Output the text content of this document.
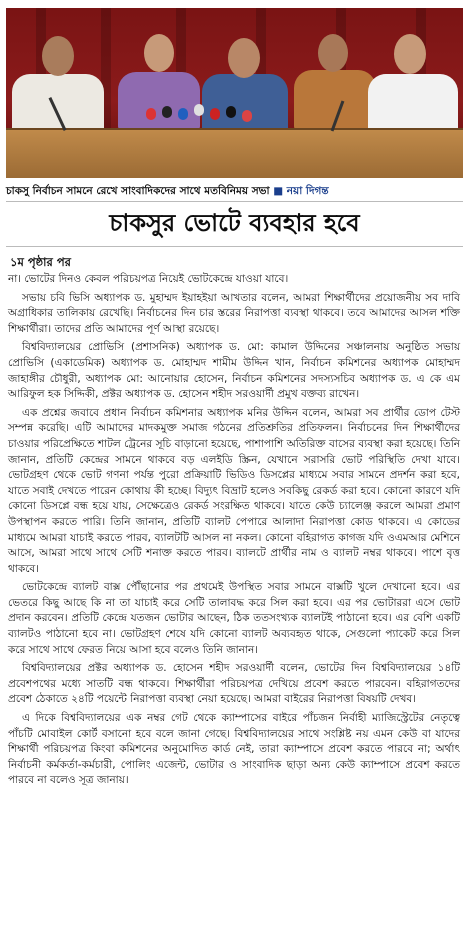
চাকসু নির্বাচন সামনে রেখে সাংবাদিকদের সাথে মতবিনিময় সভা ■ নয়া দিগন্ত
চাকসুর ভোটে ব্যবহার হবে
১ম পৃষ্ঠার পর

না। ভোটের দিনও কেবল পরিচয়পত্র নিয়েই ভোটকেন্দ্রে যাওয়া যাবে।

সভায় চবি ভিসি অধ্যাপক ড. মুহাম্মদ ইয়াহইয়া আখতার বলেন, আমরা শিক্ষার্থীদের প্রয়োজনীয় সব দাবি অগ্রাধিকার তালিকায় রেখেছি। নির্বাচনের দিন চার স্তরের নিরাপত্তা ব্যবস্থা থাকবে। তবে আমাদের আসল শক্তি শিক্ষার্থীরা। তাদের প্রতি আমাদের পূর্ণ আস্থা রয়েছে।

বিশ্ববিদ্যালয়ের প্রোভিসি (প্রশাসনিক) অধ্যাপক ড. মো: কামাল উদ্দিনের সঞ্চালনায় অনুষ্ঠিত সভায় প্রোভিসি (একাডেমিক) অধ্যাপক ড. মোহাম্মদ শামীম উদ্দিন খান, নির্বাচন কমিশনের অধ্যাপক মোহাম্মদ জাহাঙ্গীর চৌধুরী, অধ্যাপক মো: আনোয়ার হোসেন, নির্বাচন কমিশনের সদস্যসচিব অধ্যাপক ড. এ কে এম আরিফুল হক সিদ্দিকী, প্রক্টর অধ্যাপক ড. হোসেন শহীদ সরওয়ার্দী প্রমুখ বক্তব্য রাখেন।

এক প্রশ্নের জবাবে প্রধান নির্বাচন কমিশনার অধ্যাপক মনির উদ্দিন বলেন, আমরা সব প্রার্থীর ডোপ টেস্ট সম্পন্ন করেছি। এটি আমাদের মাদকমুক্ত সমাজ গঠনের প্রতিশ্রুতির প্রতিফলন। নির্বাচনের দিন শিক্ষার্থীদের চাওয়ার পরিপ্রেক্ষিতে শাটল ট্রেনের সূচি বাড়ানো হয়েছে, পাশাপাশি অতিরিক্ত বাসের ব্যবস্থা করা হয়েছে। তিনি জানান, প্রতিটি কেন্দ্রের সামনে থাকবে বড় এলইডি স্ক্রিন, যেখানে সরাসরি ভোট পরিস্থিতি দেখা যাবে। ভোটগ্রহণ থেকে ভোট গণনা পর্যন্ত পুরো প্রক্রিয়াটি ভিডিও ডিসপ্লের মাধ্যমে সবার সামনে প্রদর্শন করা হবে, যাতে সবাই দেখতে পারেন কোথায় কী হচ্ছে। বিদ্যুৎ বিভ্রাট হলেও সবকিছু রেকর্ড করা হবে। কোনো কারণে যদি কোনো ডিসপ্লে বন্ধ হয়ে যায়, সেক্ষেত্রেও রেকর্ড সংরক্ষিত থাকবে। যাতে কেউ চ্যালেঞ্জ করলে আমরা প্রমাণ উপস্থাপন করতে পারি। তিনি জানান, প্রতিটি ব্যালট পেপারে আলাদা নিরাপত্তা কোড থাকবে। এ কোডের মাধ্যমে আমরা যাচাই করতে পারব, ব্যালটটি আসল না নকল। কোনো বহিরাগত কাগজ যদি ওএমআর মেশিনে আসে, আমরা সাথে সাথে সেটি শনাক্ত করতে পারব। ব্যালটে প্রার্থীর নাম ও ব্যালট নম্বর থাকবে। পাশে বৃত্ত থাকবে।

ভোটকেন্দ্রে ব্যালট বাক্স পৌঁছানোর পর প্রথমেই উপস্থিত সবার সামনে বাক্সটি খুলে দেখানো হবে। এর ভেতরে কিছু আছে কি না তা যাচাই করে সেটি তালাবদ্ধ করে সিল করা হবে। এর পর ভোটাররা এসে ভোট প্রদান করবেন। প্রতিটি কেন্দ্রে যতজন ভোটার আছেন, ঠিক ততসংখ্যক ব্যালটই পাঠানো হবে। এর বেশি একটি ব্যালটও পাঠানো হবে না। ভোটগ্রহণ শেষে যদি কোনো ব্যালট অব্যবহৃত থাকে, সেগুলো প্যাকেট করে সিল করে সাথে সাথে ফেরত নিয়ে আসা হবে বলেও তিনি জানান।

বিশ্ববিদ্যালয়ের প্রক্টর অধ্যাপক ড. হোসেন শহীদ সরওয়ার্দী বলেন, ভোটের দিন বিশ্ববিদ্যালয়ের ১৪টি প্রবেশপথের মধ্যে সাতটি বন্ধ থাকবে। শিক্ষার্থীরা পরিচয়পত্র দেখিয়ে প্রবেশ করতে পারবেন। বহিরাগতদের প্রবেশ ঠেকাতে ২৪টি পয়েন্টে নিরাপত্তা ব্যবস্থা নেয়া হয়েছে। আমরা বাইরের নিরাপত্তা বিষয়টি দেখব।

এ দিকে বিশ্ববিদ্যালয়ের এক নম্বর গেট থেকে ক্যাম্পাসের বাইরে পাঁচজন নির্বাহী ম্যাজিস্ট্রেটের নেতৃত্বে পাঁচটি মোবাইল কোর্ট বসানো হবে বলে জানা গেছে। বিশ্ববিদ্যালয়ের সাথে সংশ্লিষ্ট নয় এমন কেউ বা যাদের শিক্ষার্থী পরিচয়পত্র কিংবা কমিশনের অনুমোদিত কার্ড নেই, তারা ক্যাম্পাসে প্রবেশ করতে পারবে না; অর্থাৎ নির্বাচনী কর্মকর্তা-কর্মচারী, পোলিং এজেন্ট, ভোটার ও সাংবাদিক ছাড়া অন্য কেউ ক্যাম্পাসে প্রবেশ করতে পারবে না বলেও সূত্র জানায়।
